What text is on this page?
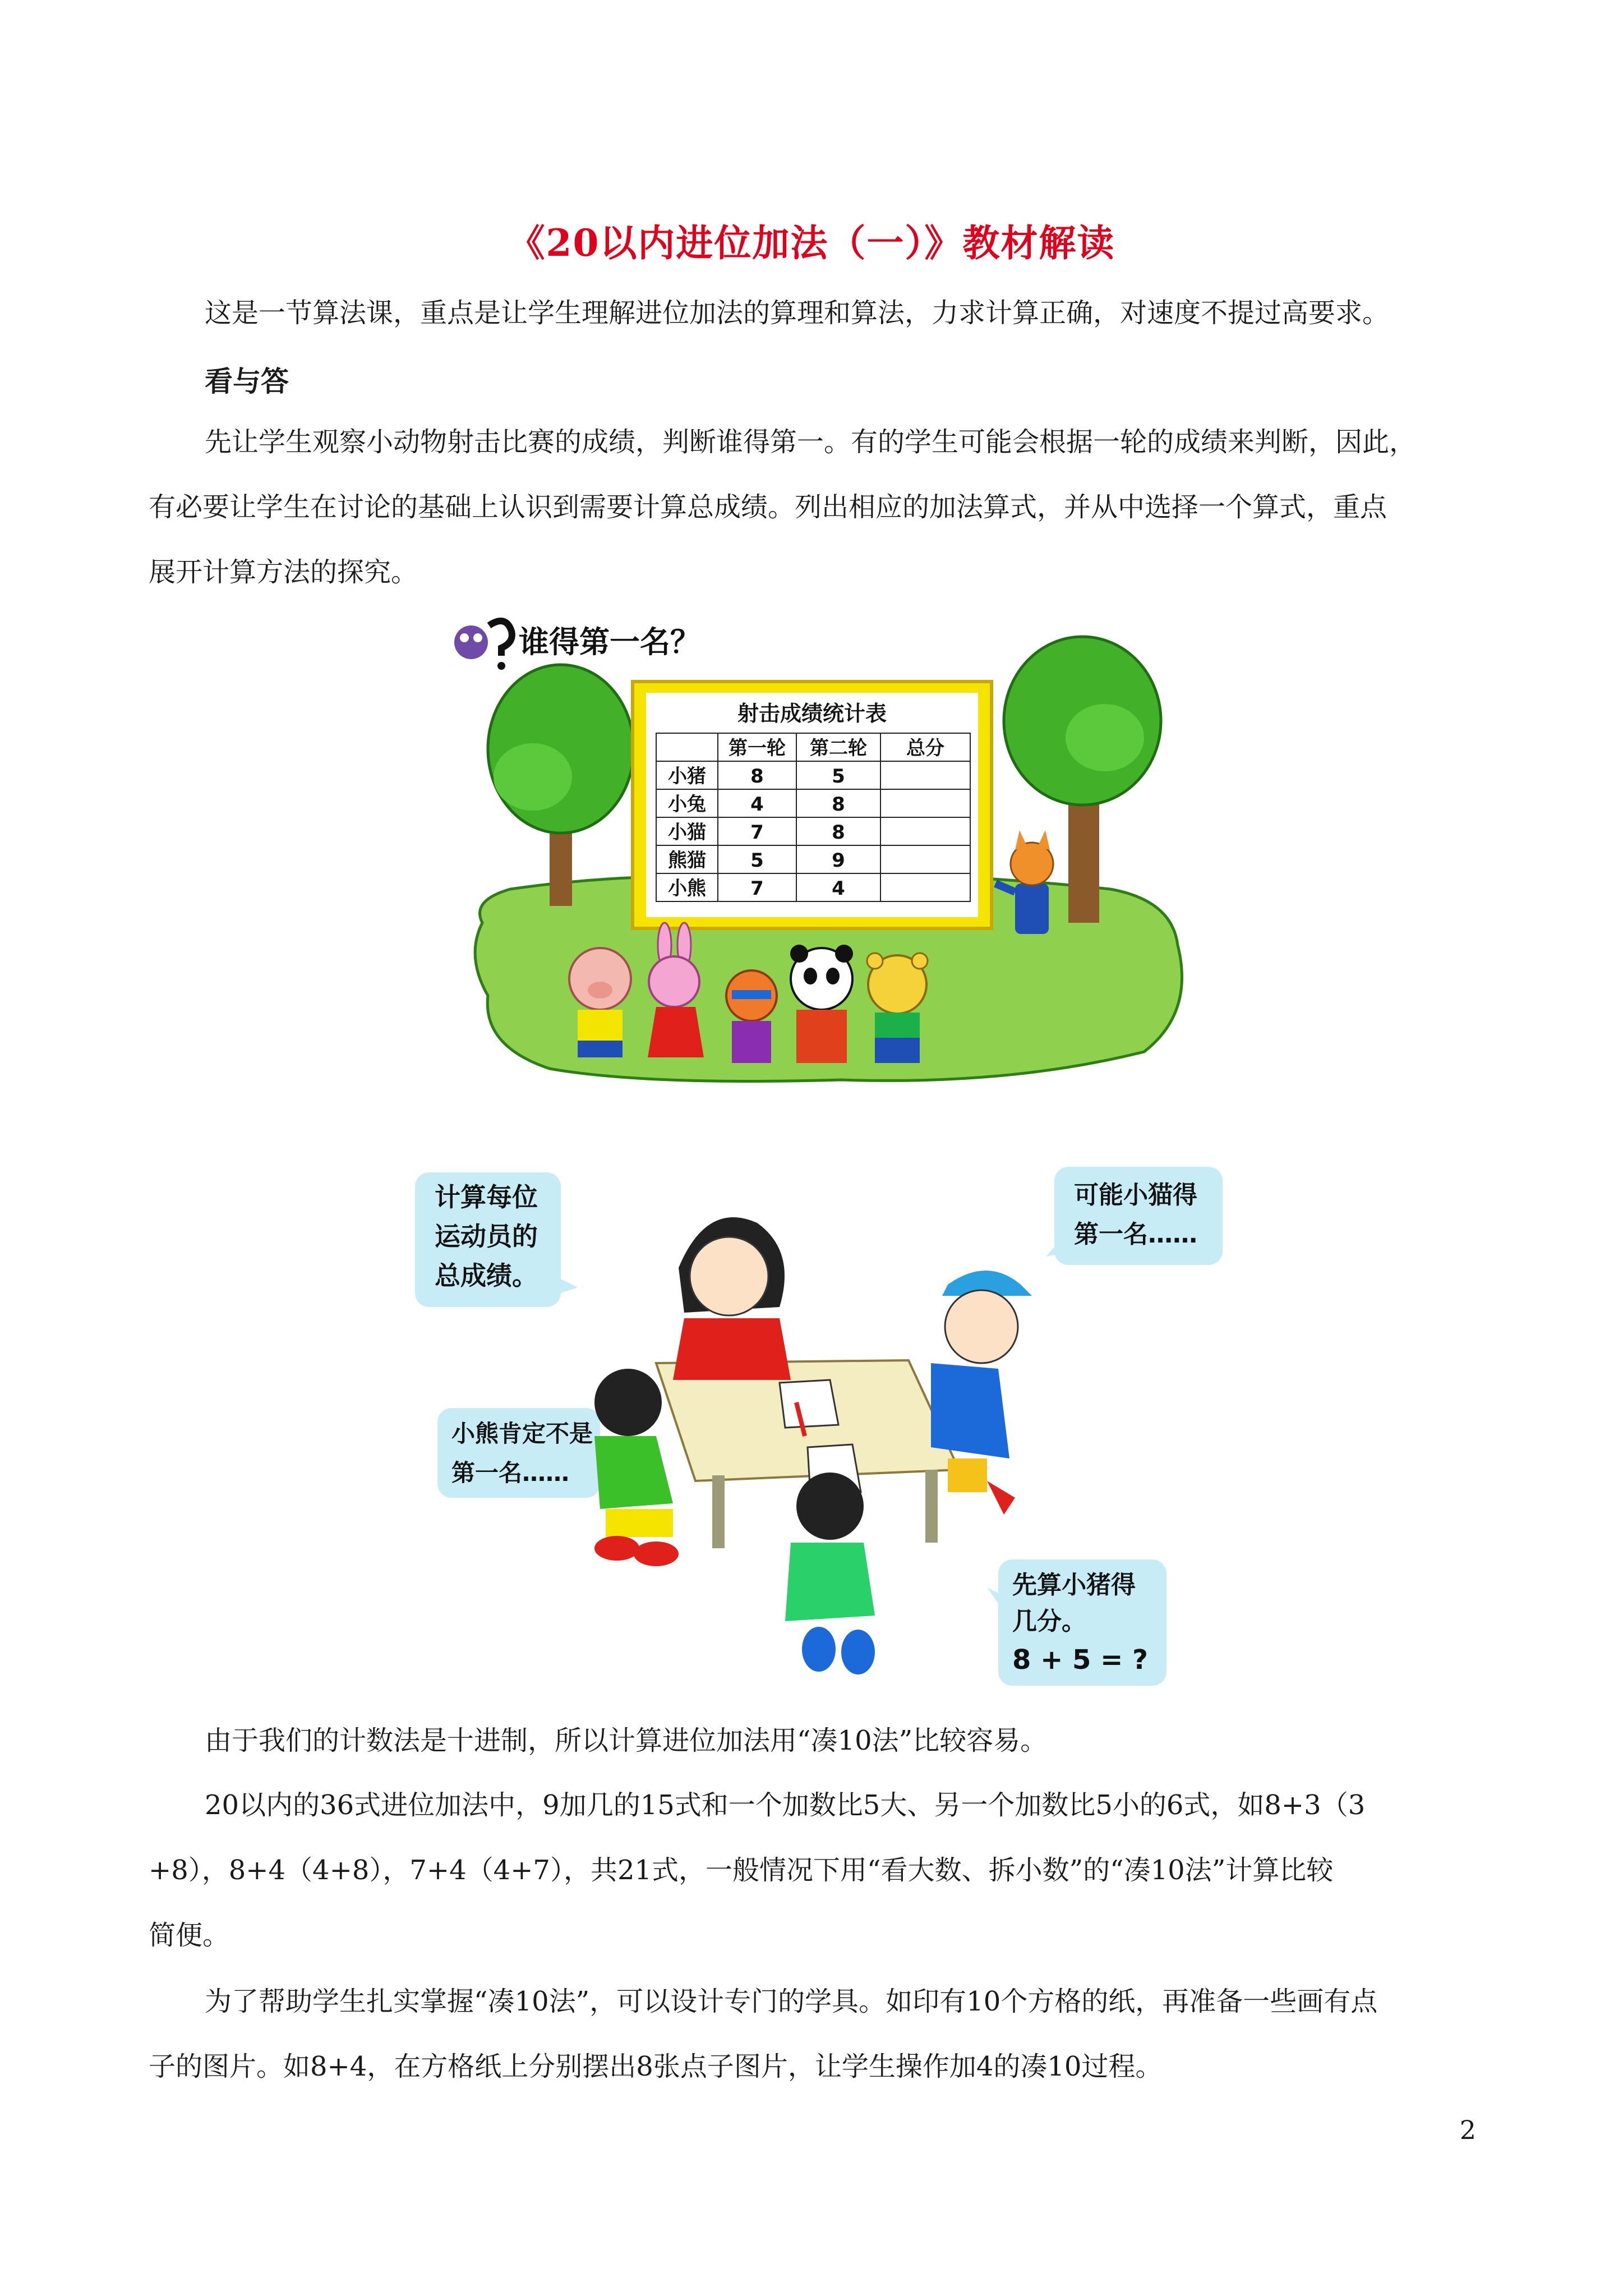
《20以内进位加法（一）》教材解读
这是一节算法课，重点是让学生理解进位加法的算理和算法，力求计算正确，对速度不提过高要求。
看与答
先让学生观察小动物射击比赛的成绩，判断谁得第一。有的学生可能会根据一轮的成绩来判断，因此，
有必要让学生在讨论的基础上认识到需要计算总成绩。列出相应的加法算式，并从中选择一个算式，重点
展开计算方法的探究。
谁得第一名？
射击成绩统计表
第一轮 第二轮 总分
小猪 8	5
小兔 4	8
小猫 7	8
熊猫 5	9
小熊 7	4
计算每位
运动员的
总成绩。
可能小猫得
第一名……
小熊肯定不是
第一名……
先算小猪得
几分。
8 + 5 = ?
由于我们的计数法是十进制，所以计算进位加法用“凑10法”比较容易。
20以内的36式进位加法中，9加几的15式和一个加数比5大、另一个加数比5小的6式，如8+3（3
+8），8+4（4+8），7+4（4+7），共21式，一般情况下用“看大数、拆小数”的“凑10法”计算比较
简便。
为了帮助学生扎实掌握“凑10法”，可以设计专门的学具。如印有10个方格的纸，再准备一些画有点
子的图片。如8+4，在方格纸上分别摆出8张点子图片，让学生操作加4的凑10过程。
2
